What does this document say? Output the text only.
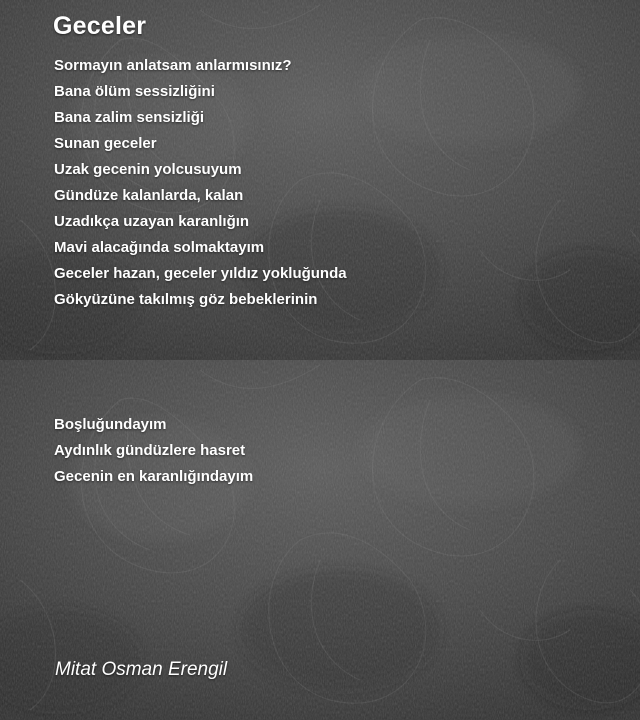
Geceler
Sormayın anlatsam anlarmısınız?
Bana ölüm sessizliğini
Bana zalim sensizliği
Sunan geceler
Uzak gecenin yolcusuyum
Gündüze kalanlarda, kalan
Uzadıkça uzayan karanlığın
Mavi alacağında solmaktayım
Geceler hazan, geceler yıldız yokluğunda
Gökyüzüne takılmış göz bebeklerinin
Boşluğundayım
Aydınlık gündüzlere hasret
Gecenin en karanlığındayım

Mitat Osman Erengil
